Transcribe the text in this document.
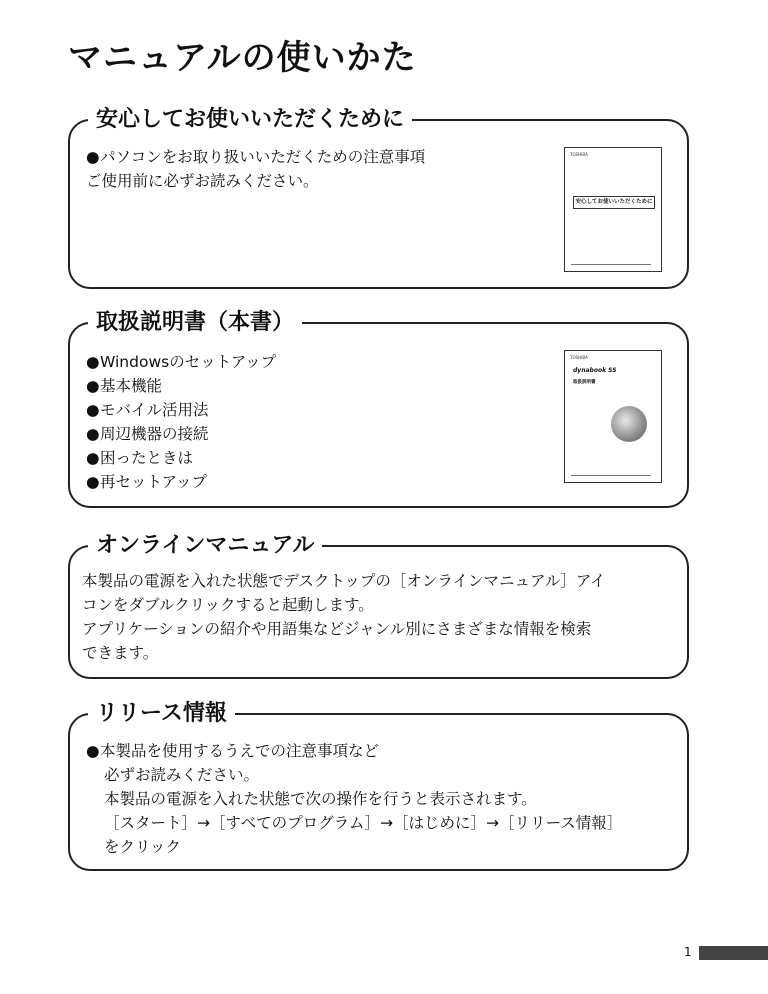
マニュアルの使いかた
安心してお使いいただくために
●パソコンをお取り扱いいただくための注意事項
ご使用前に必ずお読みください。
TOSHIBA
安心してお使いいただくために
取扱説明書（本書）
●Windowsのセットアップ
●基本機能
●モバイル活用法
●周辺機器の接続
●困ったときは
●再セットアップ
TOSHIBA
dynabook SS
取扱説明書
オンラインマニュアル
本製品の電源を入れた状態でデスクトップの［オンラインマニュアル］アイ
コンをダブルクリックすると起動します。
アプリケーションの紹介や用語集などジャンル別にさまざまな情報を検索
できます。
リリース情報
●本製品を使用するうえでの注意事項など
必ずお読みください。
本製品の電源を入れた状態で次の操作を行うと表示されます。
［スタート］→［すべてのプログラム］→［はじめに］→［リリース情報］
をクリック
1
